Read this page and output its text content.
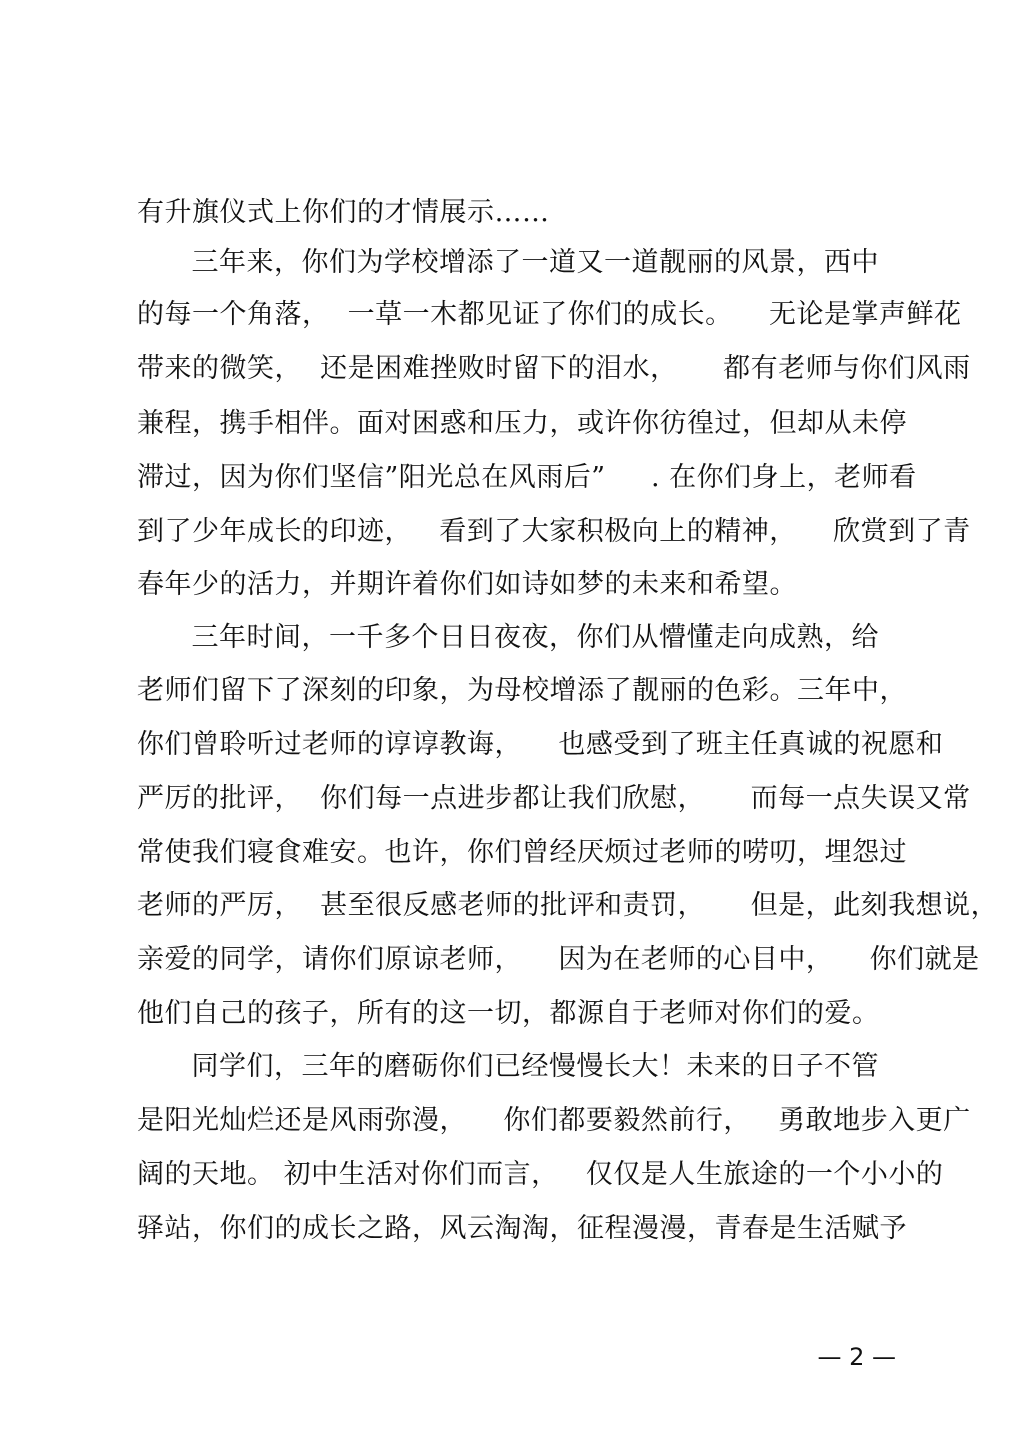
有升旗仪式上你们的才情展示……
三年来，你们为学校增添了一道又一道靓丽的风景，西中
的每一个角落，  一草一木都见证了你们的成长。    无论是掌声鲜花
带来的微笑，  还是困难挫败时留下的泪水，     都有老师与你们风雨
兼程，携手相伴。面对困惑和压力，或许你彷徨过，但却从未停
滞过，因为你们坚信”阳光总在风雨后”     . 在你们身上，老师看
到了少年成长的印迹，   看到了大家积极向上的精神，    欣赏到了青
春年少的活力，并期许着你们如诗如梦的未来和希望。
三年时间，一千多个日日夜夜，你们从懵懂走向成熟，给
老师们留下了深刻的印象，为母校增添了靓丽的色彩。三年中，
你们曾聆听过老师的谆谆教诲，    也感受到了班主任真诚的祝愿和
严厉的批评，  你们每一点进步都让我们欣慰，     而每一点失误又常
常使我们寝食难安。也许，你们曾经厌烦过老师的唠叨，埋怨过
老师的严厉，  甚至很反感老师的批评和责罚，     但是，此刻我想说，
亲爱的同学，请你们原谅老师，    因为在老师的心目中，    你们就是
他们自己的孩子，所有的这一切，都源自于老师对你们的爱。
同学们，三年的磨砺你们已经慢慢长大！未来的日子不管
是阳光灿烂还是风雨弥漫，    你们都要毅然前行，   勇敢地步入更广
阔的天地。 初中生活对你们而言，   仅仅是人生旅途的一个小小的
驿站，你们的成长之路，风云淘淘，征程漫漫，青春是生活赋予
— 2 —
